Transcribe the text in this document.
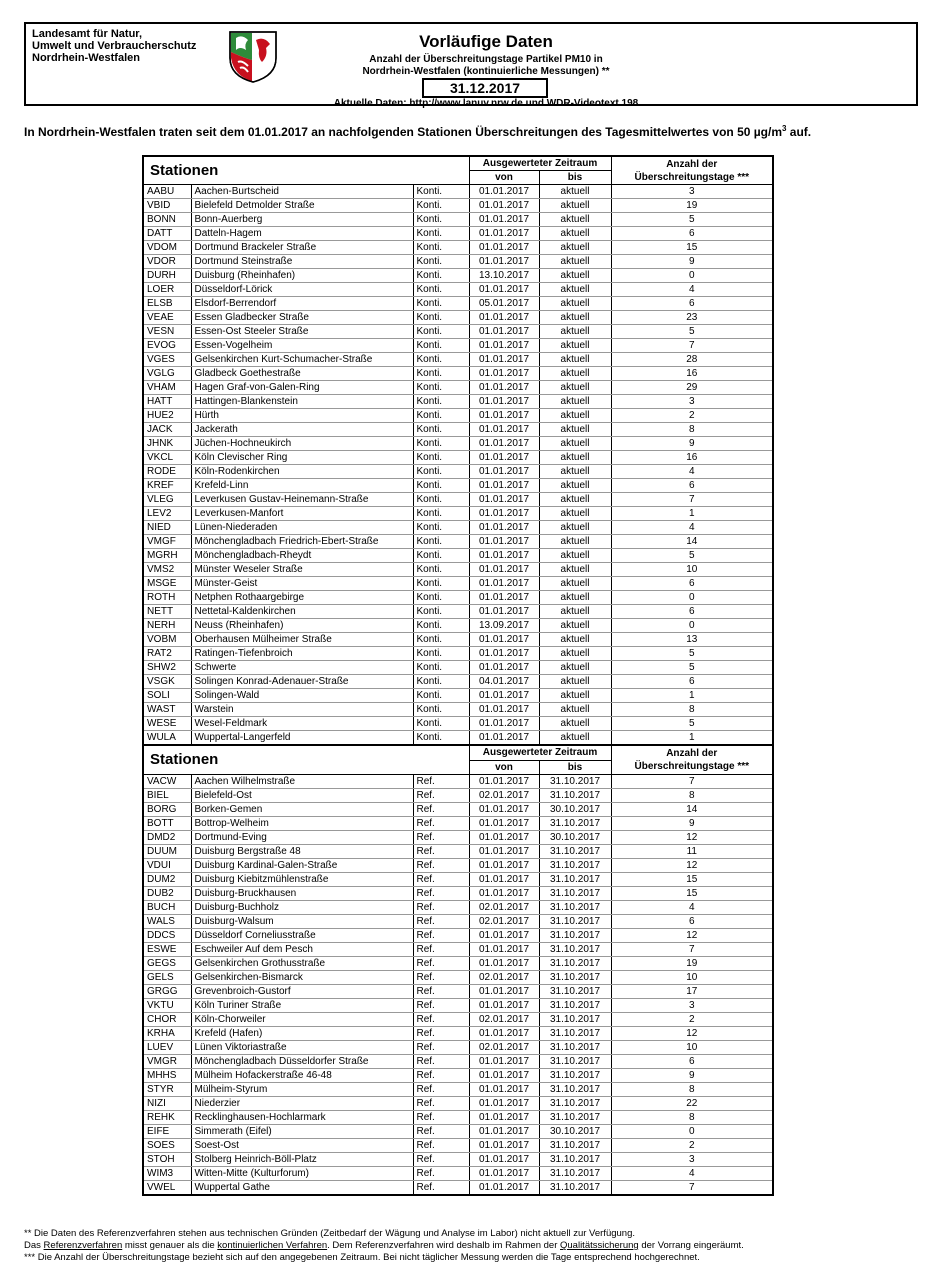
Landesamt für Natur,
Umwelt und Verbraucherschutz
Nordrhein-Westfalen
Vorläufige Daten
Anzahl der Überschreitungstage Partikel PM10 in
Nordrhein-Westfalen (kontinuierliche Messungen) **
31.12.2017
Aktuelle Daten: http://www.lanuv.nrw.de und WDR-Videotext 198
In Nordrhein-Westfalen traten seit dem 01.01.2017 an nachfolgenden Stationen Überschreitungen des Tagesmittelwertes von 50 $\mu g/m^3$ auf.
Stationen			Ausgewerteter Zeitraum		Anzahl der
Überschreitungstage ***
			von	bis	
AABU	Aachen-Burtscheid	Konti.	01.01.2017	aktuell	3
VBID	Bielefeld Detmolder Straße	Konti.	01.01.2017	aktuell	19
BONN	Bonn-Auerberg	Konti.	01.01.2017	aktuell	5
DATT	Datteln-Hagem	Konti.	01.01.2017	aktuell	6
VDOM	Dortmund Brackeler Straße	Konti.	01.01.2017	aktuell	15
VDOR	Dortmund Steinstraße	Konti.	01.01.2017	aktuell	9
DURH	Duisburg (Rheinhafen)	Konti.	13.10.2017	aktuell	0
LOER	Düsseldorf-Lörick	Konti.	01.01.2017	aktuell	4
ELSB	Elsdorf-Berrendorf	Konti.	05.01.2017	aktuell	6
VEAE	Essen Gladbecker Straße	Konti.	01.01.2017	aktuell	23
VESN	Essen-Ost Steeler Straße	Konti.	01.01.2017	aktuell	5
EVOG	Essen-Vogelheim	Konti.	01.01.2017	aktuell	7
VGES	Gelsenkirchen Kurt-Schumacher-Straße	Konti.	01.01.2017	aktuell	28
VGLG	Gladbeck Goethestraße	Konti.	01.01.2017	aktuell	16
VHAM	Hagen Graf-von-Galen-Ring	Konti.	01.01.2017	aktuell	29
HATT	Hattingen-Blankenstein	Konti.	01.01.2017	aktuell	3
HUE2	Hürth	Konti.	01.01.2017	aktuell	2
JACK	Jackerath	Konti.	01.01.2017	aktuell	8
JHNK	Jüchen-Hochneukirch	Konti.	01.01.2017	aktuell	9
VKCL	Köln Clevischer Ring	Konti.	01.01.2017	aktuell	16
RODE	Köln-Rodenkirchen	Konti.	01.01.2017	aktuell	4
KREF	Krefeld-Linn	Konti.	01.01.2017	aktuell	6
VLEG	Leverkusen Gustav-Heinemann-Straße	Konti.	01.01.2017	aktuell	7
LEV2	Leverkusen-Manfort	Konti.	01.01.2017	aktuell	1
NIED	Lünen-Niederaden	Konti.	01.01.2017	aktuell	4
VMGF	Mönchengladbach Friedrich-Ebert-Straße	Konti.	01.01.2017	aktuell	14
MGRH	Mönchengladbach-Rheydt	Konti.	01.01.2017	aktuell	5
VMS2	Münster Weseler Straße	Konti.	01.01.2017	aktuell	10
MSGE	Münster-Geist	Konti.	01.01.2017	aktuell	6
ROTH	Netphen Rothaargebirge	Konti.	01.01.2017	aktuell	0
NETT	Nettetal-Kaldenkirchen	Konti.	01.01.2017	aktuell	6
NERH	Neuss (Rheinhafen)	Konti.	13.09.2017	aktuell	0
VOBM	Oberhausen Mülheimer Straße	Konti.	01.01.2017	aktuell	13
RAT2	Ratingen-Tiefenbroich	Konti.	01.01.2017	aktuell	5
SHW2	Schwerte	Konti.	01.01.2017	aktuell	5
VSGK	Solingen Konrad-Adenauer-Straße	Konti.	04.01.2017	aktuell	6
SOLI	Solingen-Wald	Konti.	01.01.2017	aktuell	1
WAST	Warstein	Konti.	01.01.2017	aktuell	8
WESE	Wesel-Feldmark	Konti.	01.01.2017	aktuell	5
WULA	Wuppertal-Langerfeld	Konti.	01.01.2017	aktuell	1
Stationen			Ausgewerteter Zeitraum		Anzahl der
Überschreitungstage ***
			von	bis	
VACW	Aachen Wilhelmstraße	Ref.	01.01.2017	31.10.2017	7
BIEL	Bielefeld-Ost	Ref.	02.01.2017	31.10.2017	8
BORG	Borken-Gemen	Ref.	01.01.2017	30.10.2017	14
BOTT	Bottrop-Welheim	Ref.	01.01.2017	31.10.2017	9
DMD2	Dortmund-Eving	Ref.	01.01.2017	30.10.2017	12
DUUM	Duisburg Bergstraße 48	Ref.	01.01.2017	31.10.2017	11
VDUI	Duisburg Kardinal-Galen-Straße	Ref.	01.01.2017	31.10.2017	12
DUM2	Duisburg Kiebitzmühlenstraße	Ref.	01.01.2017	31.10.2017	15
DUB2	Duisburg-Bruckhausen	Ref.	01.01.2017	31.10.2017	15
BUCH	Duisburg-Buchholz	Ref.	02.01.2017	31.10.2017	4
WALS	Duisburg-Walsum	Ref.	02.01.2017	31.10.2017	6
DDCS	Düsseldorf Corneliusstraße	Ref.	01.01.2017	31.10.2017	12
ESWE	Eschweiler Auf dem Pesch	Ref.	01.01.2017	31.10.2017	7
GEGS	Gelsenkirchen Grothusstraße	Ref.	01.01.2017	31.10.2017	19
GELS	Gelsenkirchen-Bismarck	Ref.	02.01.2017	31.10.2017	10
GRGG	Grevenbroich-Gustorf	Ref.	01.01.2017	31.10.2017	17
VKTU	Köln Turiner Straße	Ref.	01.01.2017	31.10.2017	3
CHOR	Köln-Chorweiler	Ref.	02.01.2017	31.10.2017	2
KRHA	Krefeld (Hafen)	Ref.	01.01.2017	31.10.2017	12
LUEV	Lünen Viktoriastraße	Ref.	02.01.2017	31.10.2017	10
VMGR	Mönchengladbach Düsseldorfer Straße	Ref.	01.01.2017	31.10.2017	6
MHHS	Mülheim Hofackerstraße 46-48	Ref.	01.01.2017	31.10.2017	9
STYR	Mülheim-Styrum	Ref.	01.01.2017	31.10.2017	8
NIZI	Niederzier	Ref.	01.01.2017	31.10.2017	22
REHK	Recklinghausen-Hochlarmark	Ref.	01.01.2017	31.10.2017	8
EIFE	Simmerath (Eifel)	Ref.	01.01.2017	30.10.2017	0
SOES	Soest-Ost	Ref.	01.01.2017	31.10.2017	2
STOH	Stolberg Heinrich-Böll-Platz	Ref.	01.01.2017	31.10.2017	3
WIM3	Witten-Mitte (Kulturforum)	Ref.	01.01.2017	31.10.2017	4
VWEL	Wuppertal Gathe	Ref.	01.01.2017	31.10.2017	7
** Die Daten des Referenzverfahren stehen aus technischen Gründen (Zeitbedarf der Wägung und Analyse im Labor) nicht aktuell zur Verfügung.
Das Referenzverfahren misst genauer als die kontinuierlichen Verfahren. Dem Referenzverfahren wird deshalb im Rahmen der Qualitätssicherung der Vorrang eingeräumt.
*** Die Anzahl der Überschreitungstage bezieht sich auf den angegebenen Zeitraum. Bei nicht täglicher Messung werden die Tage entsprechend hochgerechnet.
